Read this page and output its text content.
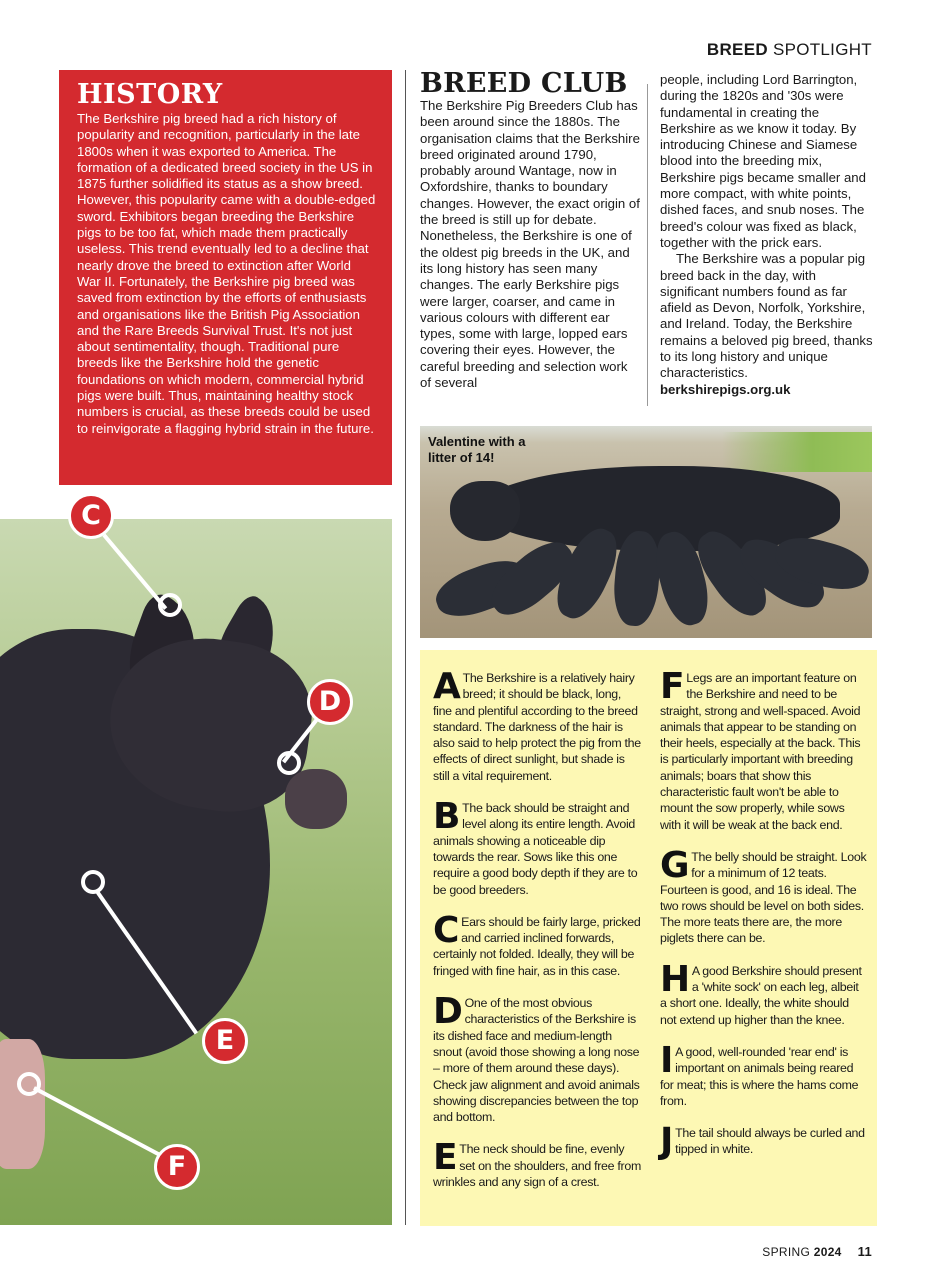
BREED SPOTLIGHT
HISTORY

The Berkshire pig breed had a rich history of popularity and recognition, particularly in the late 1800s when it was exported to America. The formation of a dedicated breed society in the US in 1875 further solidified its status as a show breed. However, this popularity came with a double-edged sword. Exhibitors began breeding the Berkshire pigs to be too fat, which made them practically useless. This trend eventually led to a decline that nearly drove the breed to extinction after World War II. Fortunately, the Berkshire pig breed was saved from extinction by the efforts of enthusiasts and organisations like the British Pig Association and the Rare Breeds Survival Trust. It's not just about sentimentality, though. Traditional pure breeds like the Berkshire hold the genetic foundations on which modern, commercial hybrid pigs were built. Thus, maintaining healthy stock numbers is crucial, as these breeds could be used to reinvigorate a flagging hybrid strain in the future.

BREED CLUB
The Berkshire Pig Breeders Club has been around since the 1880s. The organisation claims that the Berkshire breed originated around 1790, probably around Wantage, now in Oxfordshire, thanks to boundary changes. However, the exact origin of the breed is still up for debate. Nonetheless, the Berkshire is one of the oldest pig breeds in the UK, and its long history has seen many changes. The early Berkshire pigs were larger, coarser, and came in various colours with different ear types, some with large, lopped ears covering their eyes. However, the careful breeding and selection work of several
people, including Lord Barrington, during the 1820s and '30s were fundamental in creating the Berkshire as we know it today. By introducing Chinese and Siamese blood into the breeding mix, Berkshire pigs became smaller and more compact, with white points, dished faces, and snub noses. The breed's colour was fixed as black, together with the prick ears.
The Berkshire was a popular pig breed back in the day, with significant numbers found as far afield as Devon, Norfolk, Yorkshire, and Ireland. Today, the Berkshire remains a beloved pig breed, thanks to its long history and unique characteristics.
berkshirepigs.org.uk
Valentine with a litter of 14!
C
D
E
F
A The Berkshire is a relatively hairy breed; it should be black, long, fine and plentiful according to the breed standard. The darkness of the hair is also said to help protect the pig from the effects of direct sunlight, but shade is still a vital requirement.
B The back should be straight and level along its entire length. Avoid animals showing a noticeable dip towards the rear. Sows like this one require a good body depth if they are to be good breeders.
C Ears should be fairly large, pricked and carried inclined forwards, certainly not folded. Ideally, they will be fringed with fine hair, as in this case.
D One of the most obvious characteristics of the Berkshire is its dished face and medium-length snout (avoid those showing a long nose – more of them around these days). Check jaw alignment and avoid animals showing discrepancies between the top and bottom.
E The neck should be fine, evenly set on the shoulders, and free from wrinkles and any sign of a crest.
F Legs are an important feature on the Berkshire and need to be straight, strong and well-spaced. Avoid animals that appear to be standing on their heels, especially at the back. This is particularly important with breeding animals; boars that show this characteristic fault won't be able to mount the sow properly, while sows with it will be weak at the back end.
G The belly should be straight. Look for a minimum of 12 teats. Fourteen is good, and 16 is ideal. The two rows should be level on both sides. The more teats there are, the more piglets there can be.
H A good Berkshire should present a 'white sock' on each leg, albeit a short one. Ideally, the white should not extend up higher than the knee.
I A good, well-rounded 'rear end' is important on animals being reared for meat; this is where the hams come from.
J The tail should always be curled and tipped in white.
SPRING 2024 11
